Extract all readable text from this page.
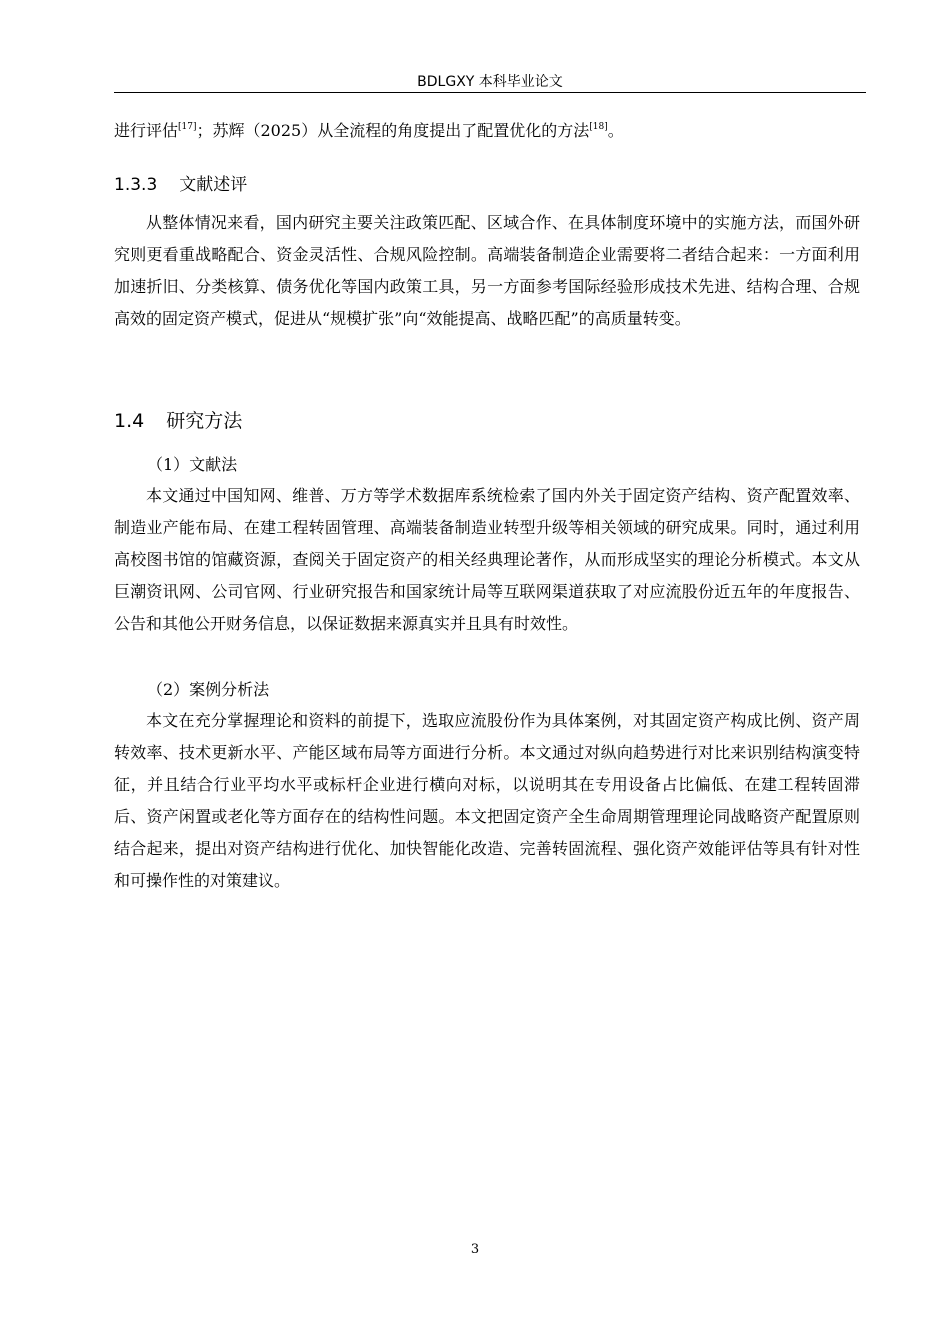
BDLGXY 本科毕业论文

进行评估[17]；苏辉（2025）从全流程的角度提出了配置优化的方法[18]。

1.3.3 文献述评

从整体情况来看，国内研究主要关注政策匹配、区域合作、在具体制度环境中的实施方法，而国外研究则更看重战略配合、资金灵活性、合规风险控制。高端装备制造企业需要将二者结合起来：一方面利用加速折旧、分类核算、债务优化等国内政策工具，另一方面参考国际经验形成技术先进、结构合理、合规高效的固定资产模式，促进从“规模扩张”向“效能提高、战略匹配”的高质量转变。

1.4 研究方法

（1）文献法

本文通过中国知网、维普、万方等学术数据库系统检索了国内外关于固定资产结构、资产配置效率、制造业产能布局、在建工程转固管理、高端装备制造业转型升级等相关领域的研究成果。同时，通过利用高校图书馆的馆藏资源，查阅关于固定资产的相关经典理论著作，从而形成坚实的理论分析模式。本文从巨潮资讯网、公司官网、行业研究报告和国家统计局等互联网渠道获取了对应流股份近五年的年度报告、公告和其他公开财务信息，以保证数据来源真实并且具有时效性。

（2）案例分析法

本文在充分掌握理论和资料的前提下，选取应流股份作为具体案例，对其固定资产构成比例、资产周转效率、技术更新水平、产能区域布局等方面进行分析。本文通过对纵向趋势进行对比来识别结构演变特征，并且结合行业平均水平或标杆企业进行横向对标，以说明其在专用设备占比偏低、在建工程转固滞后、资产闲置或老化等方面存在的结构性问题。本文把固定资产全生命周期管理理论同战略资产配置原则结合起来，提出对资产结构进行优化、加快智能化改造、完善转固流程、强化资产效能评估等具有针对性和可操作性的对策建议。

3
